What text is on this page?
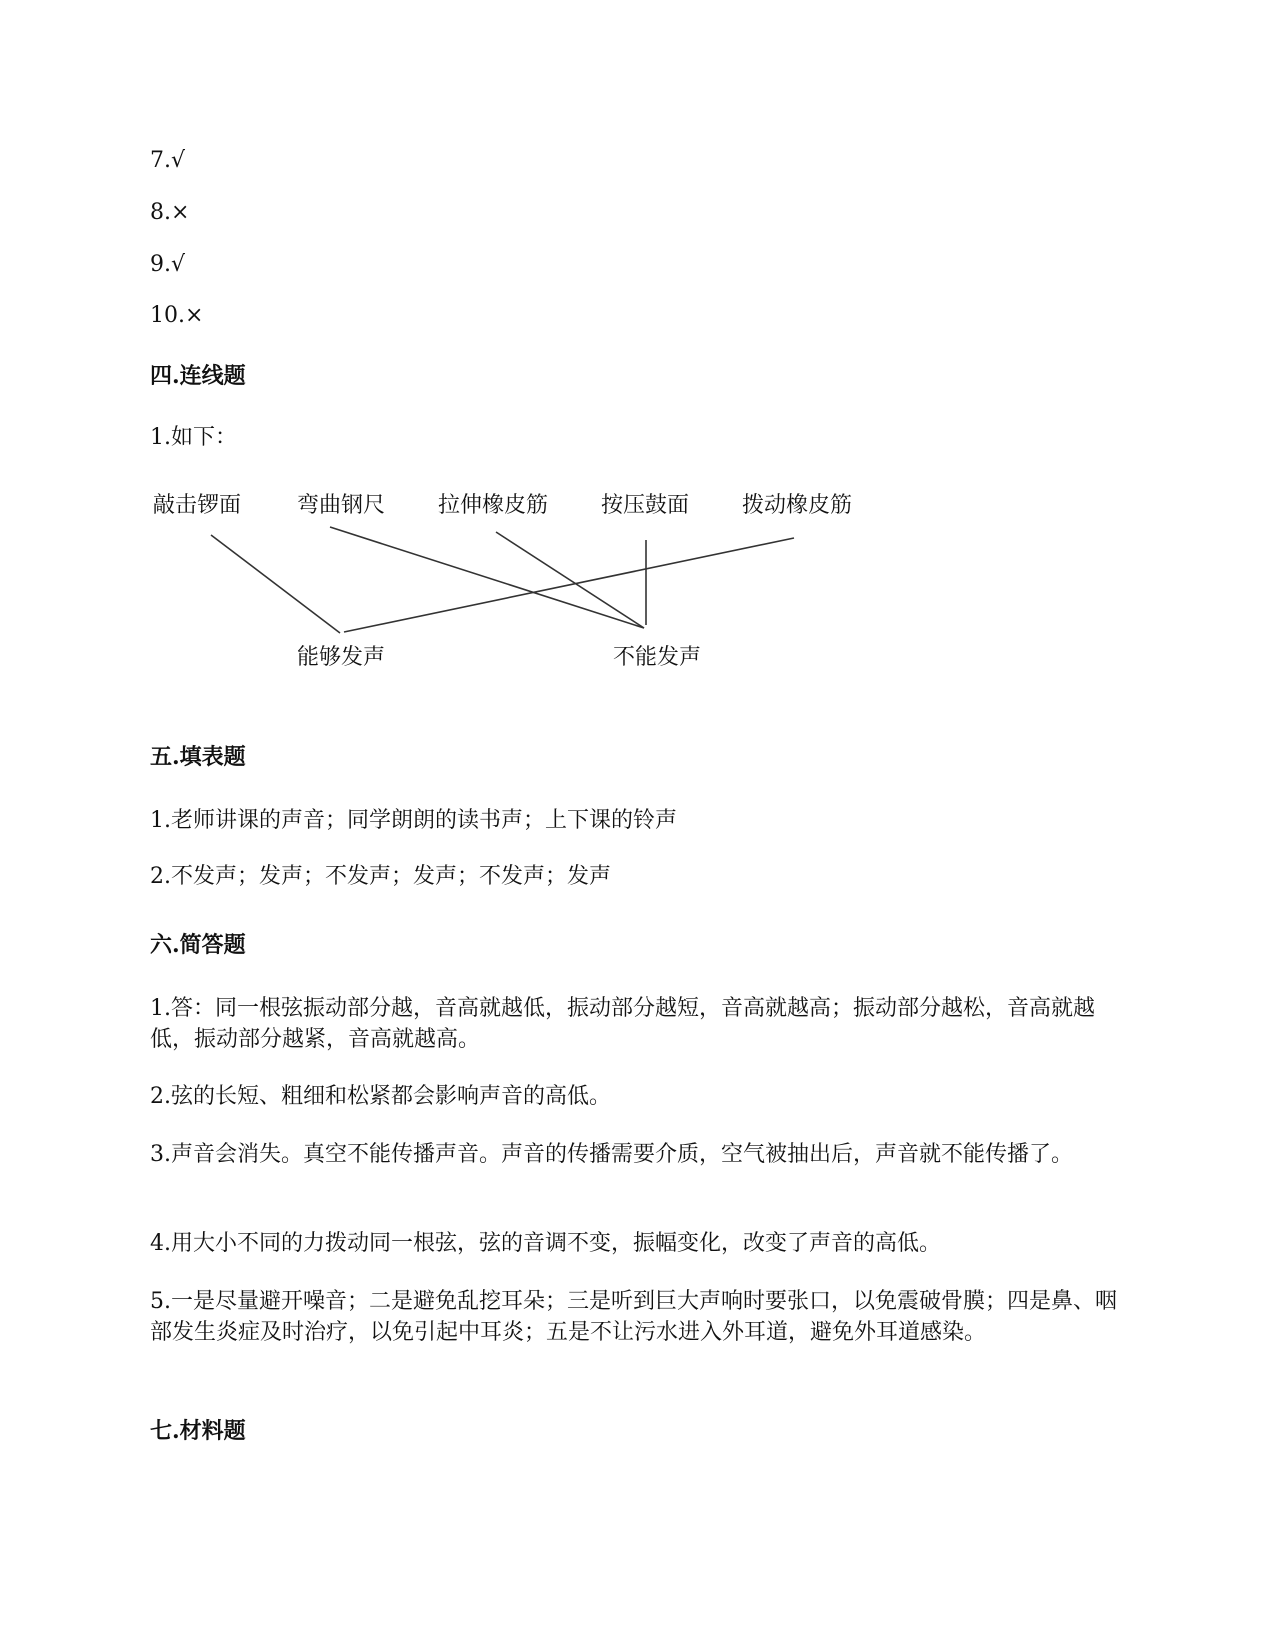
7.√
8.×
9.√
10.×
四.连线题
1.如下：
敲击锣面	弯曲钢尺 拉伸橡皮筋 按压鼓面 拨动橡皮筋
能够发声	不能发声
五.填表题
1.老师讲课的声音；同学朗朗的读书声；上下课的铃声
2.不发声；发声；不发声；发声；不发声；发声
六.简答题
1.答：同一根弦振动部分越，音高就越低，振动部分越短，音高就越高；振动部分越松，音高就越低，振动部分越紧，音高就越高。
2.弦的长短、粗细和松紧都会影响声音的高低。
3.声音会消失。真空不能传播声音。声音的传播需要介质，空气被抽出后，声音就不能传播了。
4.用大小不同的力拨动同一根弦，弦的音调不变，振幅变化，改变了声音的高低。
5.一是尽量避开噪音；二是避免乱挖耳朵；三是听到巨大声响时要张口，以免震破骨膜；四是鼻、咽部发生炎症及时治疗，以免引起中耳炎；五是不让污水进入外耳道，避免外耳道感染。
七.材料题
